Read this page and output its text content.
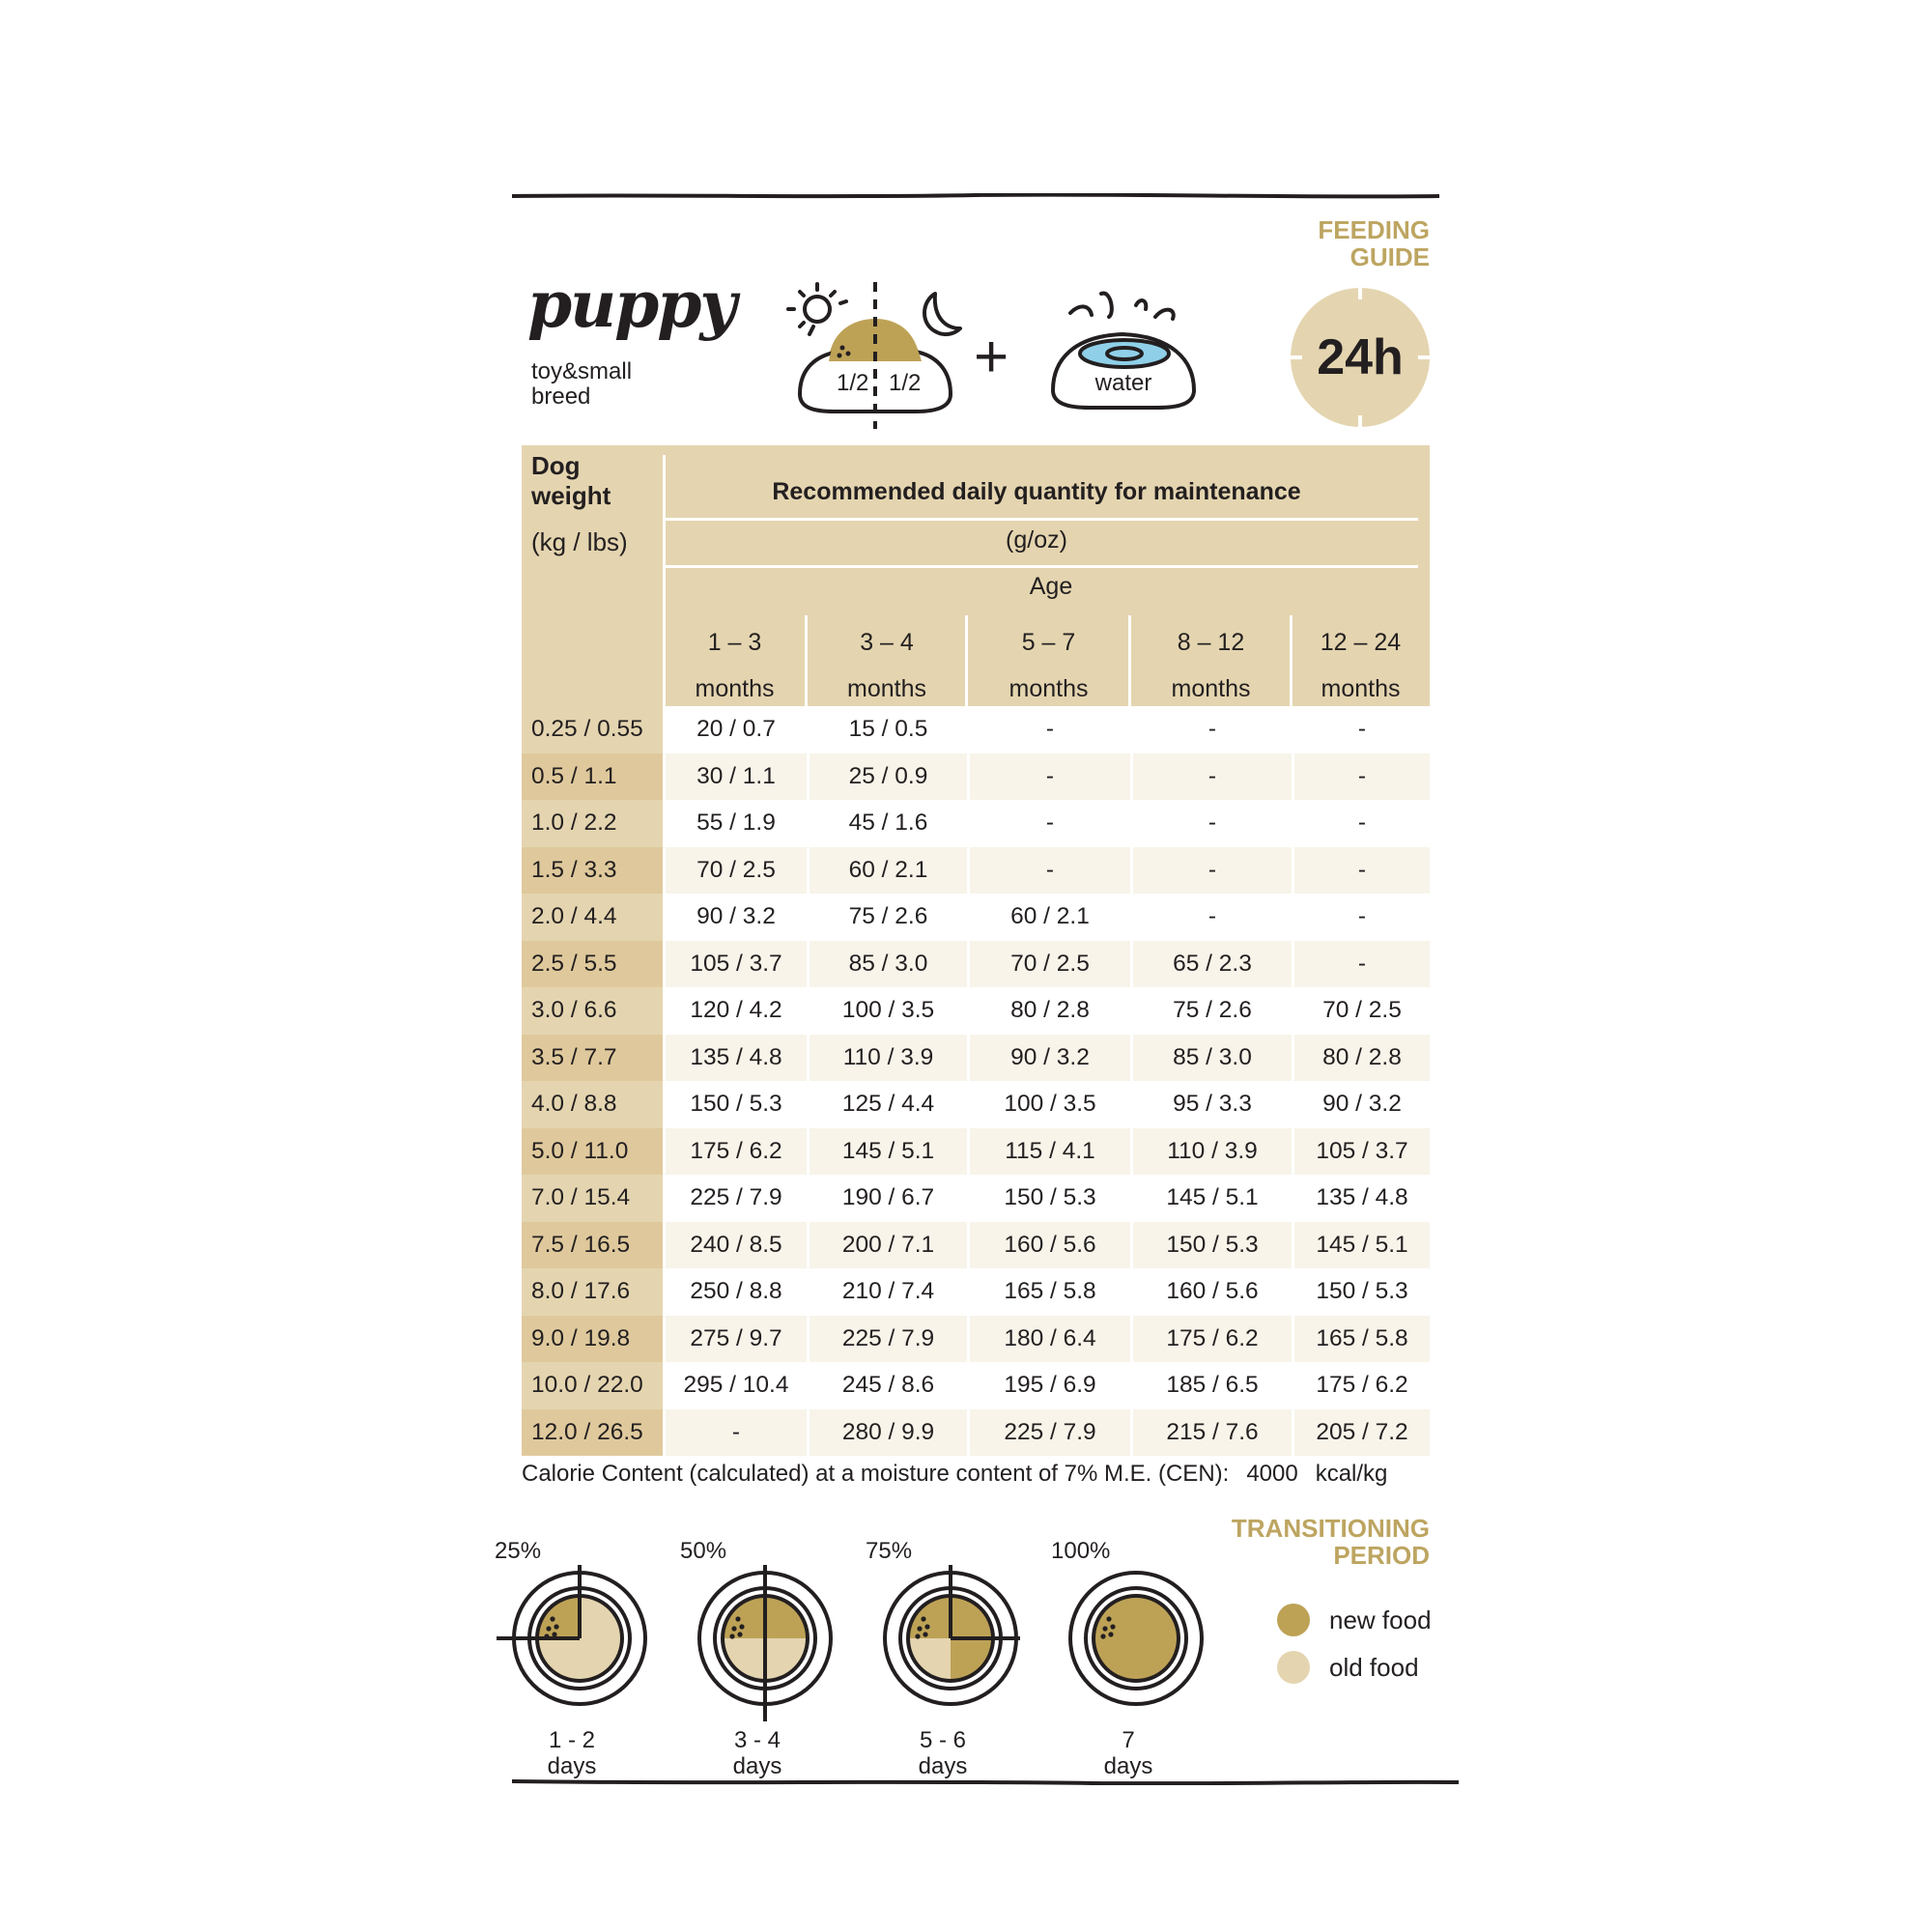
FEEDING
GUIDE
puppy
toy&small
breed
1/2 1/2 +	water	24h
Dog
weight
(kg / lbs)
Recommended daily quantity for maintenance
(g/oz)
Age
1 – 3
months
3 – 4
months
5 – 7
months
8 – 12
months
12 – 24
months
0.25 / 0.55	20 / 0.7	15 / 0.5	-	-	-
0.5 / 1.1	30 / 1.1	25 / 0.9	-	-	-
1.0 / 2.2	55 / 1.9	45 / 1.6	-	-	-
1.5 / 3.3	70 / 2.5	60 / 2.1	-	-	-
2.0 / 4.4	90 / 3.2	75 / 2.6	60 / 2.1	-	-
2.5 / 5.5	105 / 3.7	85 / 3.0	70 / 2.5	65 / 2.3	-
3.0 / 6.6	120 / 4.2	100 / 3.5	80 / 2.8	75 / 2.6	70 / 2.5
3.5 / 7.7	135 / 4.8	110 / 3.9	90 / 3.2	85 / 3.0	80 / 2.8
4.0 / 8.8	150 / 5.3	125 / 4.4	100 / 3.5	95 / 3.3	90 / 3.2
5.0 / 11.0	175 / 6.2	145 / 5.1	115 / 4.1	110 / 3.9	105 / 3.7
7.0 / 15.4	225 / 7.9	190 / 6.7	150 / 5.3	145 / 5.1	135 / 4.8
7.5 / 16.5	240 / 8.5	200 / 7.1	160 / 5.6	150 / 5.3	145 / 5.1
8.0 / 17.6	250 / 8.8	210 / 7.4	165 / 5.8	160 / 5.6	150 / 5.3
9.0 / 19.8	275 / 9.7	225 / 7.9	180 / 6.4	175 / 6.2	165 / 5.8
10.0 / 22.0	295 / 10.4	245 / 8.6	195 / 6.9	185 / 6.5	175 / 6.2
12.0 / 26.5	-	280 / 9.9	225 / 7.9	215 / 7.6	205 / 7.2
Calorie Content (calculated) at a moisture content of 7% M.E. (CEN): 4000 kcal/kg
TRANSITIONING
PERIOD
new food
old food
25%
1 - 2
days
50%
3 - 4
days
75%
5 - 6
days
100%
7
days
